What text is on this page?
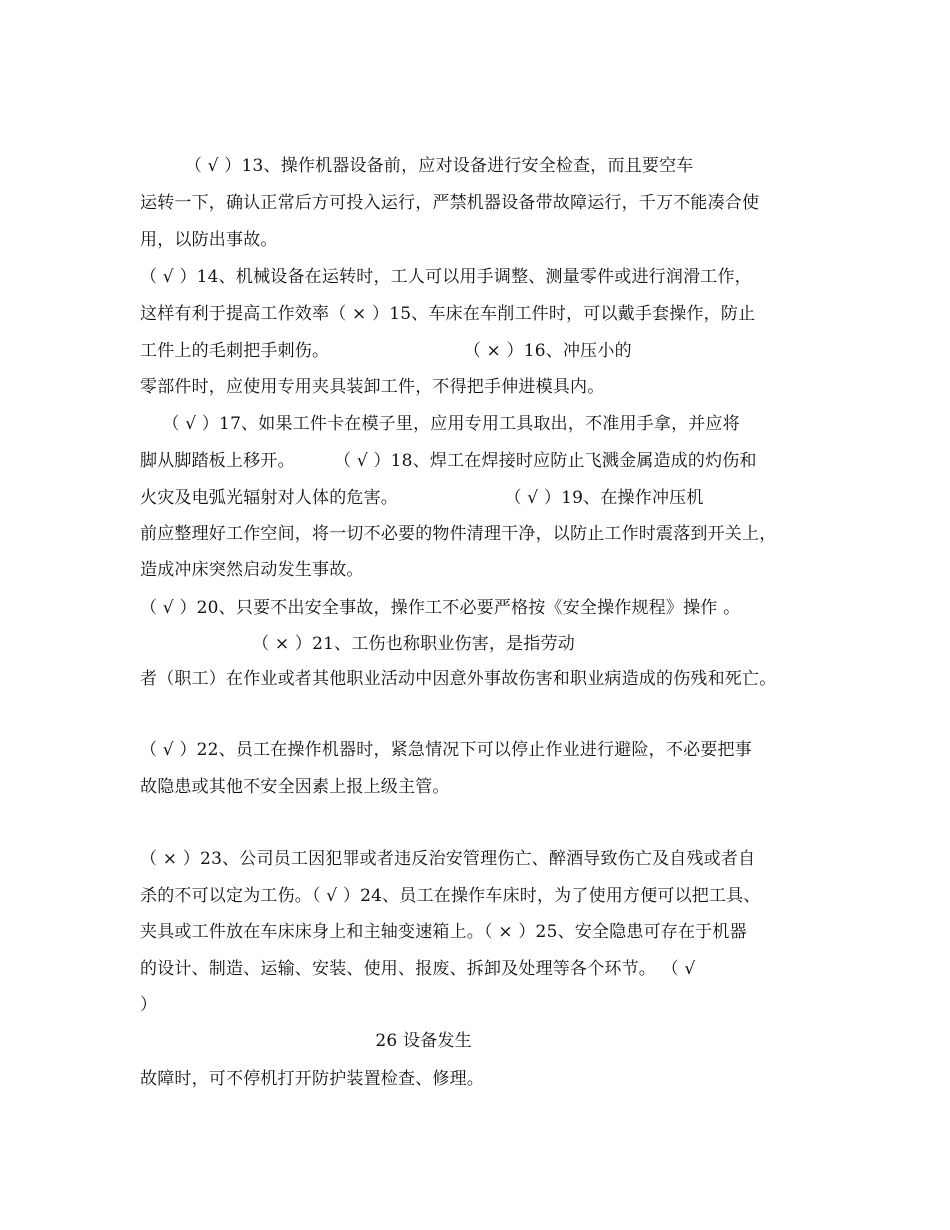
（ √ ）13、操作机器设备前，应对设备进行安全检查，而且要空车
运转一下，确认正常后方可投入运行，严禁机器设备带故障运行，千万不能凑合使
用，以防出事故。
（ √ ）14、机械设备在运转时，工人可以用手调整、测量零件或进行润滑工作，
这样有利于提高工作效率（ × ）15、车床在车削工件时，可以戴手套操作，防止
工件上的毛刺把手刺伤。                        （ × ）16、冲压小的
零部件时，应使用专用夹具装卸工件，不得把手伸进模具内。
（ √ ）17、如果工件卡在模子里，应用专用工具取出，不准用手拿，并应将
脚从脚踏板上移开。       （ √ ）18、焊工在焊接时应防止飞溅金属造成的灼伤和
火灾及电弧光辐射对人体的危害。                   （ √ ）19、在操作冲压机
前应整理好工作空间，将一切不必要的物件清理干净，以防止工作时震落到开关上，
造成冲床突然启动发生事故。
（ √ ）20、只要不出安全事故，操作工不必要严格按《安全操作规程》操作 。
（ × ）21、工伤也称职业伤害，是指劳动
者（职工）在作业或者其他职业活动中因意外事故伤害和职业病造成的伤残和死亡。
（ √ ）22、员工在操作机器时，紧急情况下可以停止作业进行避险，不必要把事
故隐患或其他不安全因素上报上级主管。
（ × ）23、公司员工因犯罪或者违反治安管理伤亡、醉酒导致伤亡及自残或者自
杀的不可以定为工伤。（ √ ）24、员工在操作车床时，为了使用方便可以把工具、
夹具或工件放在车床床身上和主轴变速箱上。（ × ）25、安全隐患可存在于机器
的设计、制造、运输、安装、使用、报废、拆卸及处理等各个环节。 （ √
）
26 设备发生
故障时，可不停机打开防护装置检查、修理。
